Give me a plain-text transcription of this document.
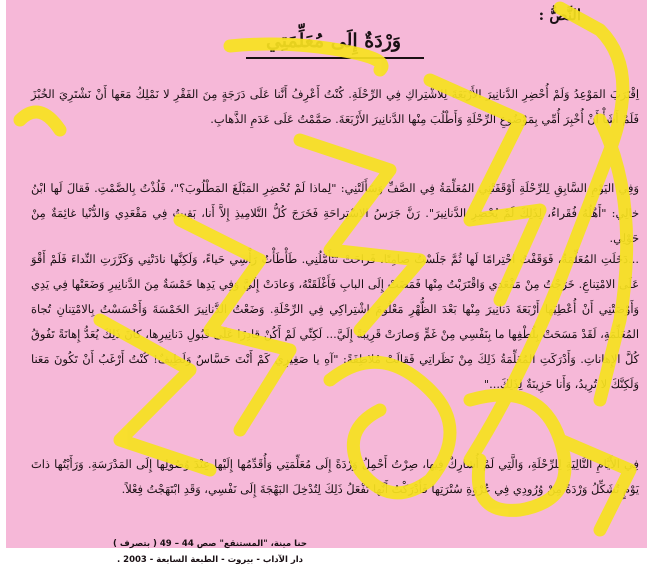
النَّصُّ :
وَرْدَةٌ إِلَى مُعَلِّمَتِي
اِقْتَرَبَ المَوْعِدُ وَلَمْ أُحْضِرِ الدَّنانِيرَ الأَرْبَعَةَ لِلاشْتِراكِ فِي الرِّحْلَةِ. كُنْتُ أَعْرِفُ أَنَّنا عَلَى دَرَجَةٍ مِنَ الفَقْرِ لا نَمْلِكُ مَعَها أَنْ نَشْتَرِيَ الخُبْزَ فَلَمْ أَشَأْ أَنْ أُخْبِرَ أُمِّي بِمَوْضُوعِ الرِّحْلَةِ وَأَطْلُبَ مِنْها الدَّنانِيرَ الأَرْبَعَةَ. صَمَّمْتُ عَلَى عَدَمِ الذَّهابِ.
وَفِي اليَوْمِ السَّابِقِ لِلرِّحْلَةِ أَوْقَفَتْنِي المُعَلِّمَةُ فِي الصَّفِّ وَسَأَلَتْنِي: "لِماذا لَمْ تُحْضِرِ المَبْلَغَ المَطْلُوبَ؟"، فَلُذْتُ بِالصَّمْتِ. فَقالَ لَها ابْنُ خالِي: "أَهْلُهُ فُقَراءُ، لِذَلِكَ لَمْ يُحْضِرِ الدَّنانِيرَ". رَنَّ جَرَسُ الاسْتِراحَةِ فَخَرَجَ كُلُّ التَّلامِيذِ إِلاَّ أَنا، بَقِيتُ فِي مَقْعَدِي وَالدُّنْيا غائِمَةٌ مِنْ حَوْلِي.
...دَخَلَتِ المُعَلِّمَةُ، فَوَقَفْتُ احْتِرامًا لَها ثُمَّ جَلَسْتُ صامِتًا، فَراحَتْ تَتَأَمَّلُنِي. طَأْطَأْتُ رَأْسِي حَياءً، وَلَكِنَّها نادَتْنِي وَكَرَّرَتِ النِّداءَ فَلَمْ أَقْوَ عَلَى الامْتِناعِ. خَرَجْتُ مِنْ مَقْعَدِي وَاقْتَرَبْتُ مِنْها فَمَضَتْ إِلَى البابِ فَأَغْلَقَتْهُ، وَعادَتْ إِلَيَّ وَفِي يَدِها خَمْسَةٌ مِنَ الدَّنانِيرِ وَضَعَتْها فِي يَدِي وَأَوْصَتْنِي أَنْ أُعْطِيَها أَرْبَعَةَ دَنانِيرَ مِنْها بَعْدَ الظُّهْرِ مَعْلُومَ اشْتِراكِي فِي الرِّحْلَةِ. وَضَعْتُ الدَّنانِيرَ الخَمْسَةَ وَأَحْسَسْتُ بِالامْتِنانِ تُجاهَ المُعَلِّمَةِ، لَقَدْ مَسَحَتْ بِلُطْفِها ما بِنَفْسِي مِنْ غَمٍّ وَصارَتْ قَرِيبَةً إِلَيَّ... لَكِنِّي لَمْ أَكُنْ قادِرًا عَلَى قَبُولِ دَنانِيرِها، كانَ ذَلِكَ يُعَدُّ إِهانَةً تَفُوقُ كُلَّ الإِهاناتِ. وَأَدْرَكَتِ المُعَلِّمَةُ ذَلِكَ مِنْ نَظَراتِي فَقالَتْ مُلاطِفَةً: "آهِ يا صَغِيرِي كَمْ أَنْتَ حَسَّاسٌ وَلَطِيفٌ! كُنْتُ أَرْغَبُ أَنْ تَكُونَ مَعَنا وَلَكِنَّكَ لا تُرِيدُ، وَأَنا حَزِينَةٌ لِذَلِكَ..."
فِي الأَيَّامِ التَّالِيَةِ لِلرِّحْلَةِ، وَالَّتِي لَمْ أُشارِكْ فِيها، صِرْتُ أَحْمِلُ وَرْدَةً إِلَى مُعَلِّمَتِي وَأُقَدِّمُها إِلَيْها عِنْدَ وُصُولِها إِلَى المَدْرَسَةِ. وَرَأَيْتُها ذاتَ يَوْمٍ تُشَكِّلُ وَرْدَةً مِنْ وُرُودِي فِي عُرْوَةِ سُتْرَتِها فَأَدْرَكْتُ أَنَّها تَفْعَلُ ذَلِكَ لِتُدْخِلَ البَهْجَةَ إِلَى نَفْسِي، وَقَدِ ابْتَهَجْتُ فِعْلاً.
حنا مينة، "المستنقع" صص 44 – 49 ( بتصرف )
دار الآداب - بيروت - الطبعة السابعة - 2003 .
